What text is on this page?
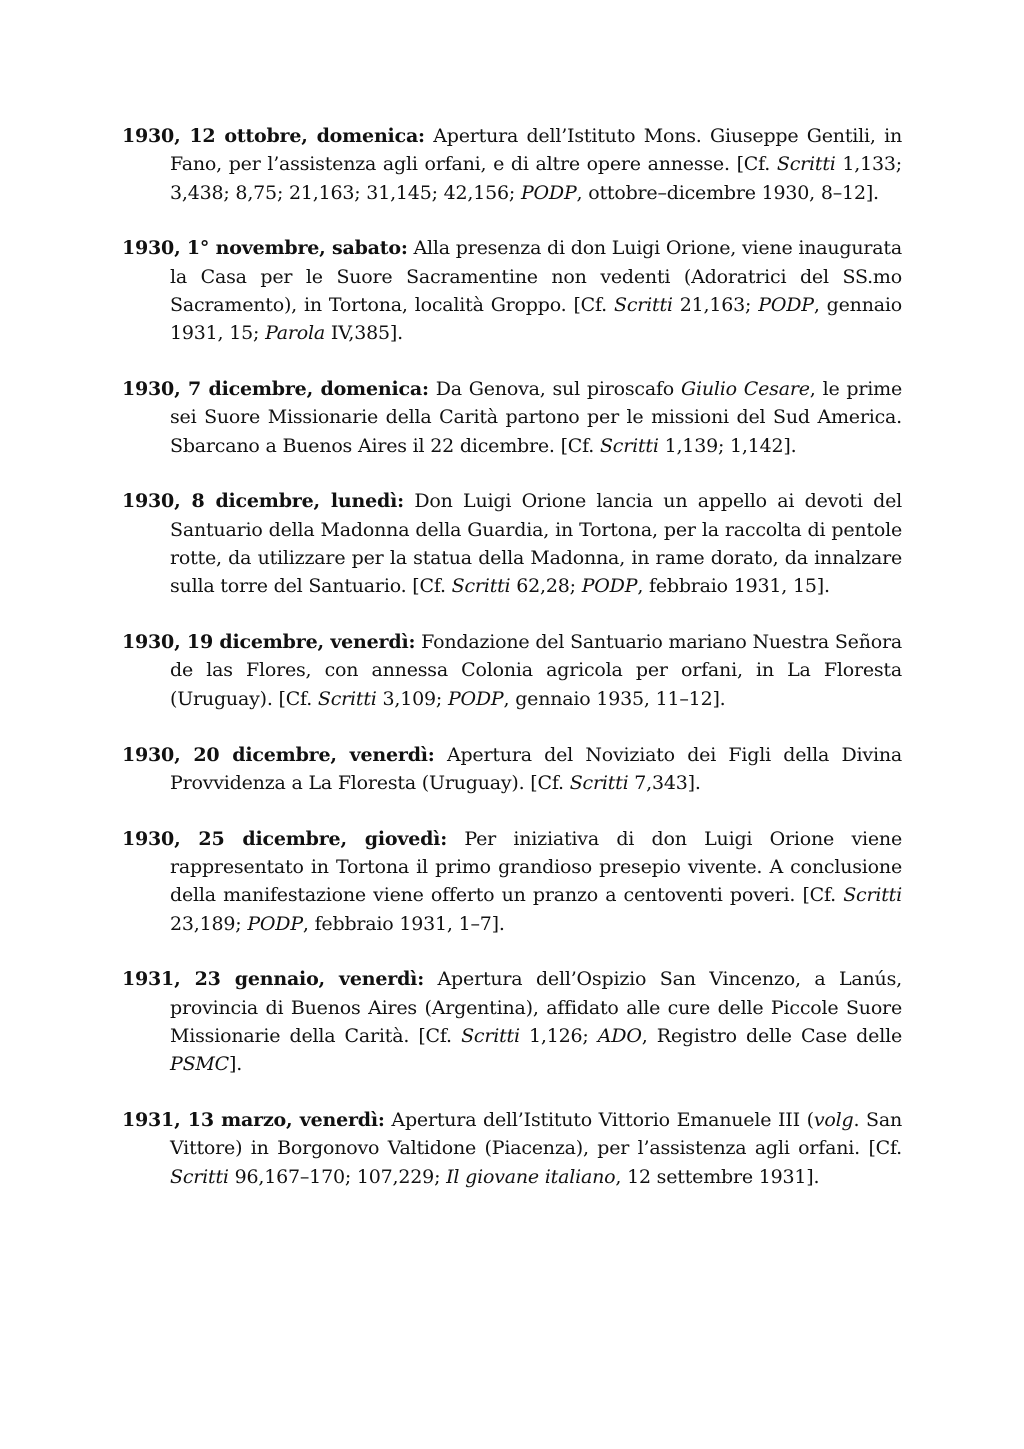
1930, 12 ottobre, domenica: Apertura dell’Istituto Mons. Giuseppe Gentili, in Fano, per l’assistenza agli orfani, e di altre opere annesse. [Cf. Scritti 1,133; 3,438; 8,75; 21,163; 31,145; 42,156; PODP, ottobre–dicembre 1930, 8–12].

1930, 1° novembre, sabato: Alla presenza di don Luigi Orione, viene inaugurata la Casa per le Suore Sacramentine non vedenti (Adoratrici del SS.mo Sacramento), in Tortona, località Groppo. [Cf. Scritti 21,163; PODP, gennaio 1931, 15; Parola IV,385].

1930, 7 dicembre, domenica: Da Genova, sul piroscafo Giulio Cesare, le prime sei Suore Missionarie della Carità partono per le missioni del Sud America. Sbarcano a Buenos Aires il 22 dicembre. [Cf. Scritti 1,139; 1,142].

1930, 8 dicembre, lunedì: Don Luigi Orione lancia un appello ai devoti del Santuario della Madonna della Guardia, in Tortona, per la raccolta di pentole rotte, da utilizzare per la statua della Madonna, in rame dorato, da innalzare sulla torre del Santuario. [Cf. Scritti 62,28; PODP, febbraio 1931, 15].

1930, 19 dicembre, venerdì: Fondazione del Santuario mariano Nuestra Señora de las Flores, con annessa Colonia agricola per orfani, in La Floresta (Uruguay). [Cf. Scritti 3,109; PODP, gennaio 1935, 11–12].

1930, 20 dicembre, venerdì: Apertura del Noviziato dei Figli della Divina Provvidenza a La Floresta (Uruguay). [Cf. Scritti 7,343].

1930, 25 dicembre, giovedì: Per iniziativa di don Luigi Orione viene rappresentato in Tortona il primo grandioso presepio vivente. A conclusione della manifestazione viene offerto un pranzo a centoventi poveri. [Cf. Scritti 23,189; PODP, febbraio 1931, 1–7].

1931, 23 gennaio, venerdì: Apertura dell’Ospizio San Vincenzo, a Lanús, provincia di Buenos Aires (Argentina), affidato alle cure delle Piccole Suore Missionarie della Carità. [Cf. Scritti 1,126; ADO, Registro delle Case delle PSMC].

1931, 13 marzo, venerdì: Apertura dell’Istituto Vittorio Emanuele III (volg. San Vittore) in Borgonovo Valtidone (Piacenza), per l’assistenza agli orfani. [Cf. Scritti 96,167–170; 107,229; Il giovane italiano, 12 settembre 1931].
